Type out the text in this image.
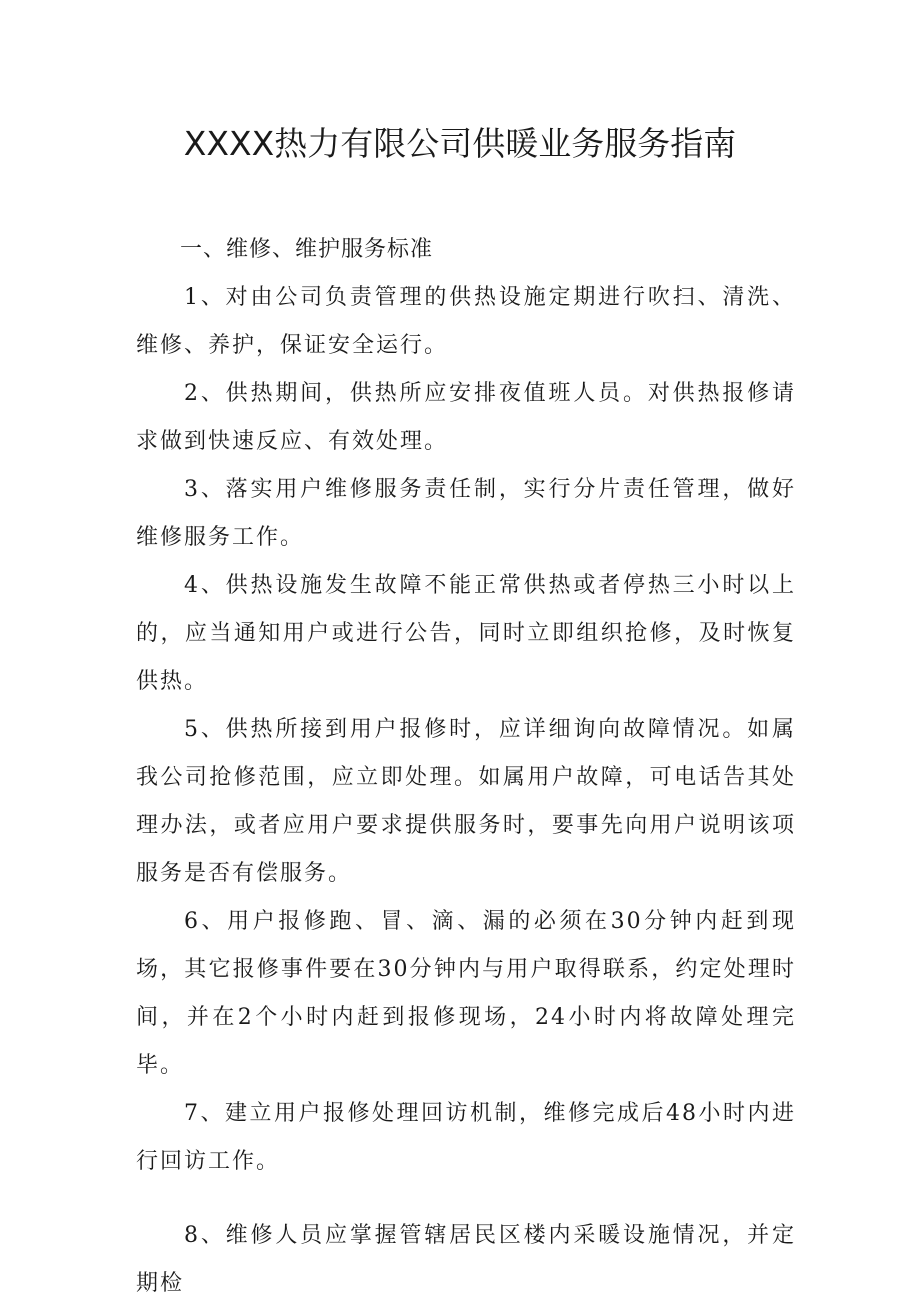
XXXX热力有限公司供暖业务服务指南
一、维修、维护服务标准

1、对由公司负责管理的供热设施定期进行吹扫、清洗、维修、养护，保证安全运行。

2、供热期间，供热所应安排夜值班人员。对供热报修请求做到快速反应、有效处理。

3、落实用户维修服务责任制，实行分片责任管理，做好维修服务工作。

4、供热设施发生故障不能正常供热或者停热三小时以上的，应当通知用户或进行公告，同时立即组织抢修，及时恢复供热。

5、供热所接到用户报修时，应详细询向故障情况。如属我公司抢修范围，应立即处理。如属用户故障，可电话告其处理办法，或者应用户要求提供服务时，要事先向用户说明该项服务是否有偿服务。

6、用户报修跑、冒、滴、漏的必须在30分钟内赶到现场，其它报修事件要在30分钟内与用户取得联系，约定处理时间，并在2个小时内赶到报修现场，24小时内将故障处理完毕。

7、建立用户报修处理回访机制，维修完成后48小时内进行回访工作。

8、维修人员应掌握管辖居民区楼内采暖设施情况，并定期检
